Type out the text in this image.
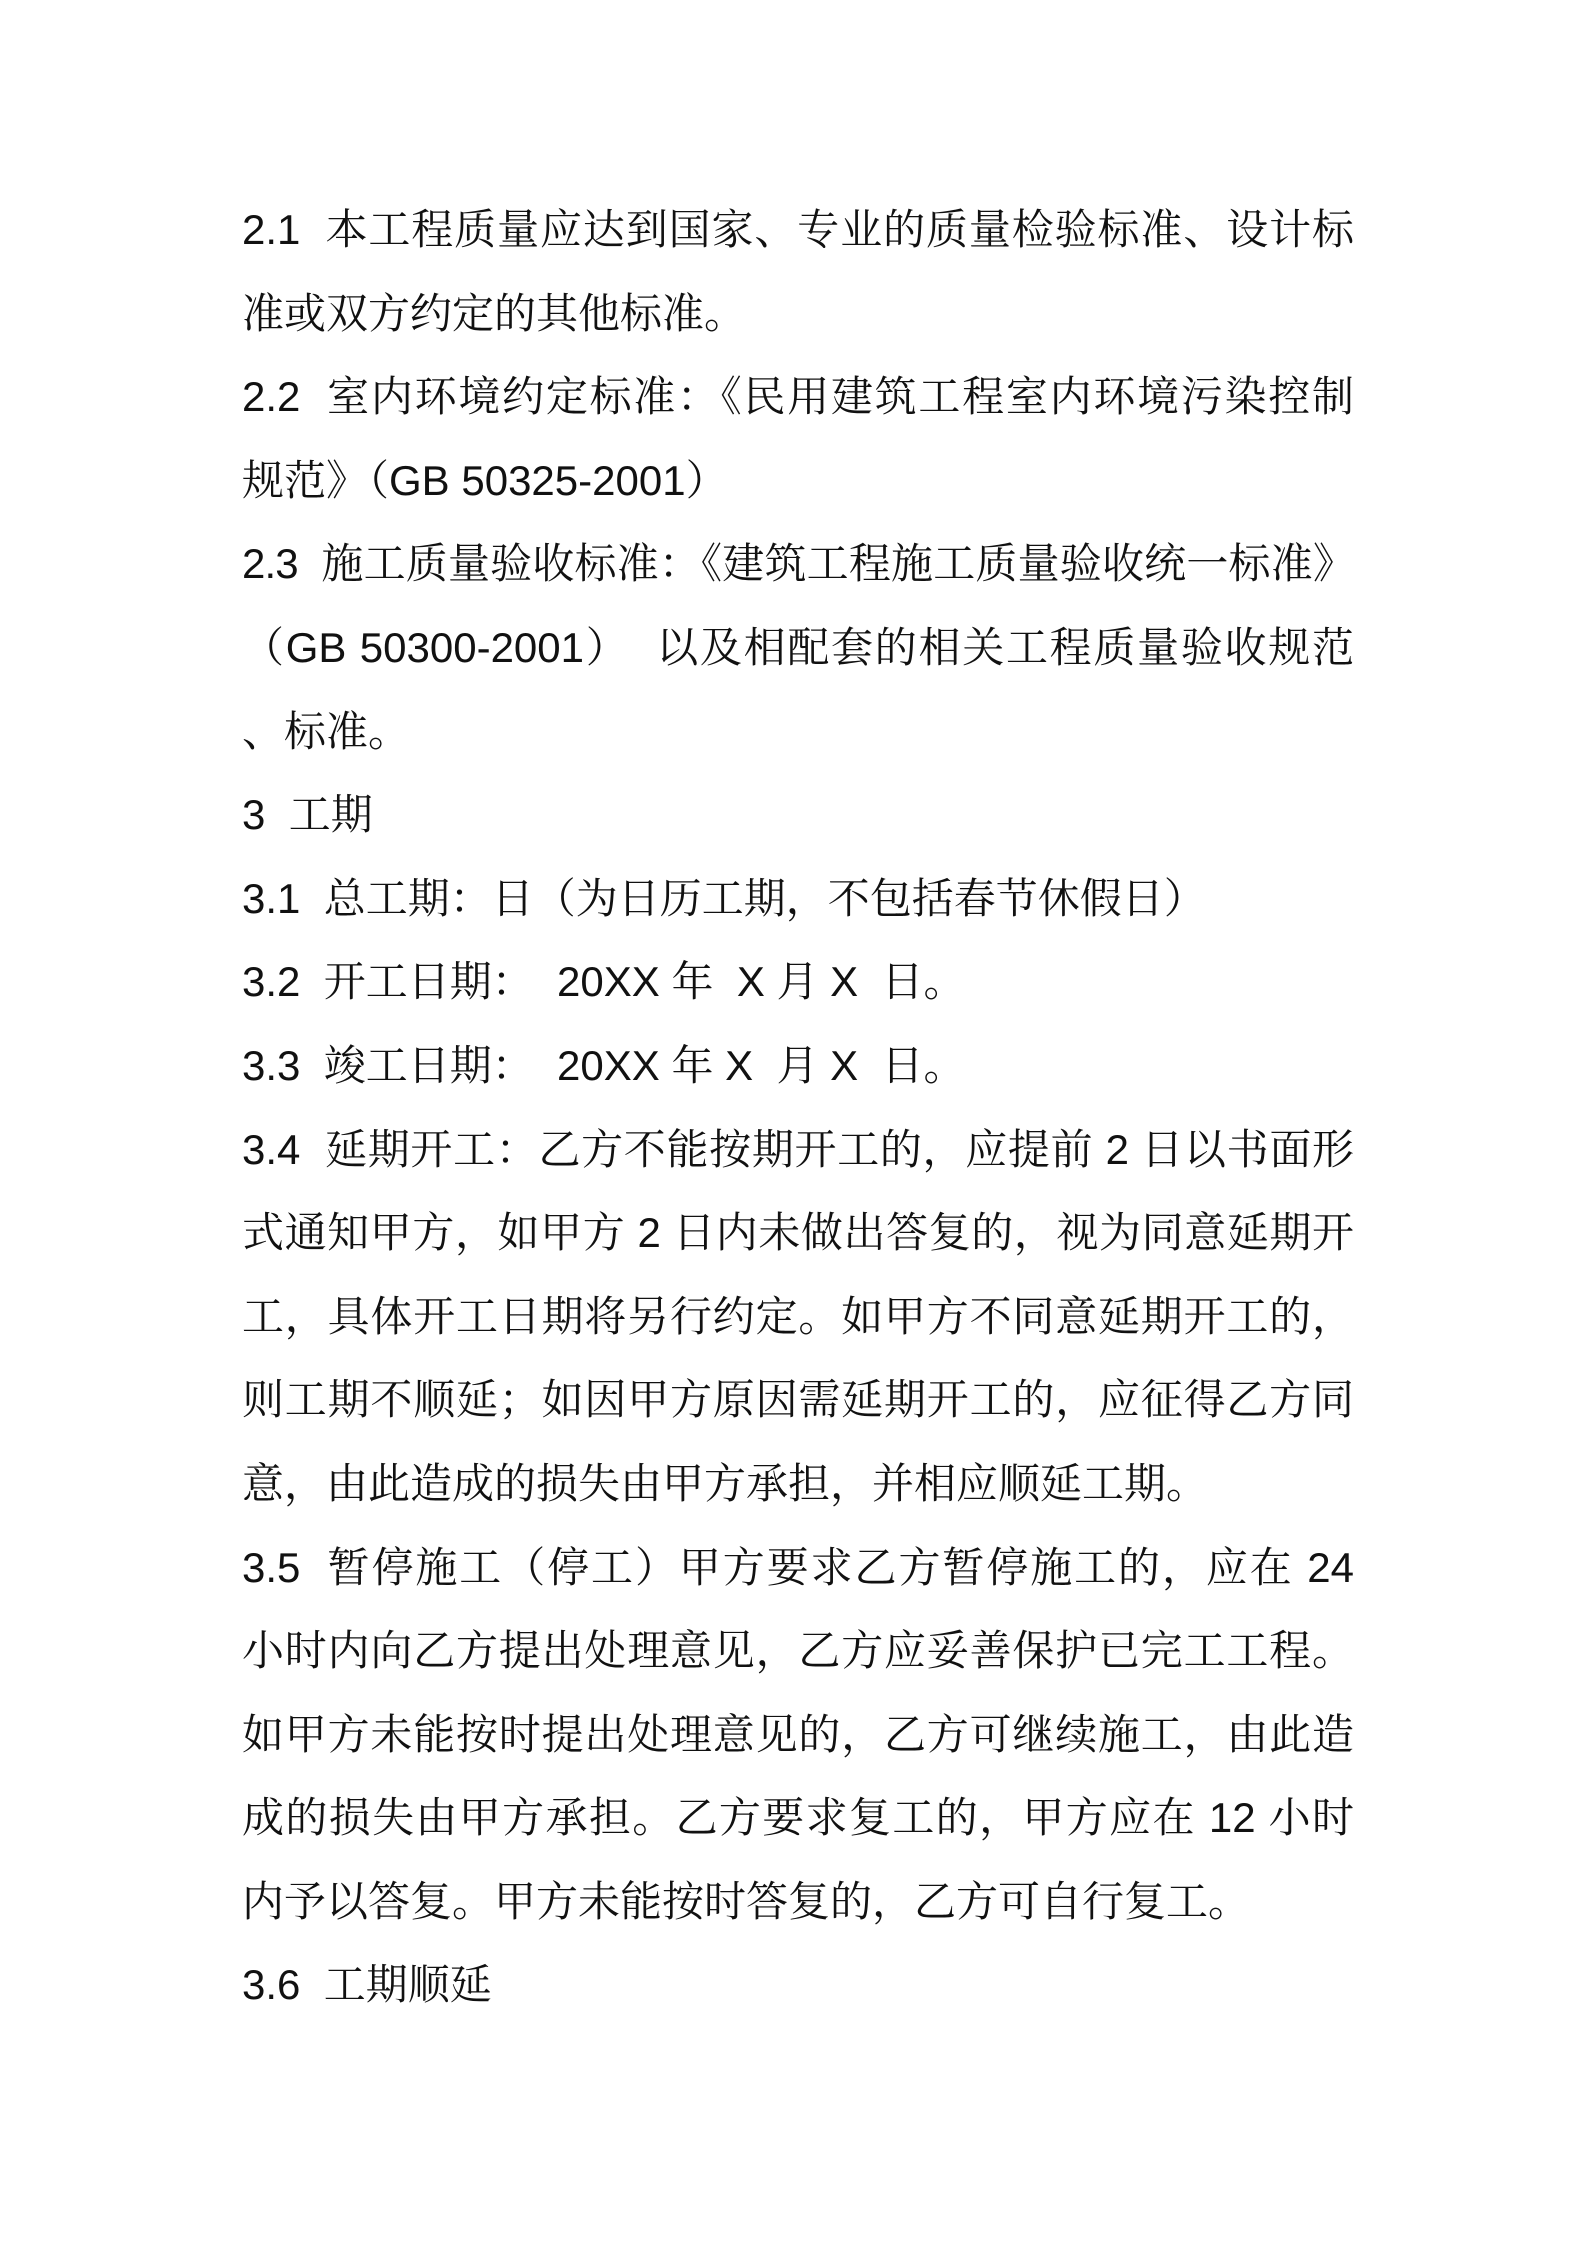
2.1  本工程质量应达到国家、专业的质量检验标准、设计标
准或双方约定的其他标准。
2.2  室内环境约定标准：《民用建筑工程室内环境污染控制
规范》（GB 50325-2001）
2.3  施工质量验收标准：《建筑工程施工质量验收统一标准》
（GB 50300-2001）  以及相配套的相关工程质量验收规范
、标准。
3  工期
3.1  总工期：日（为日历工期，不包括春节休假日）
3.2  开工日期：  20XX 年  X 月 X  日。
3.3  竣工日期：  20XX 年 X  月 X  日。
3.4  延期开工：乙方不能按期开工的，应提前 2 日以书面形
式通知甲方，如甲方 2 日内未做出答复的，视为同意延期开
工，具体开工日期将另行约定。如甲方不同意延期开工的，
则工期不顺延；如因甲方原因需延期开工的，应征得乙方同
意，由此造成的损失由甲方承担，并相应顺延工期。
3.5  暂停施工（停工）甲方要求乙方暂停施工的，应在 24
小时内向乙方提出处理意见，乙方应妥善保护已完工工程。
如甲方未能按时提出处理意见的，乙方可继续施工，由此造
成的损失由甲方承担。乙方要求复工的，甲方应在 12 小时
内予以答复。甲方未能按时答复的，乙方可自行复工。
3.6  工期顺延
